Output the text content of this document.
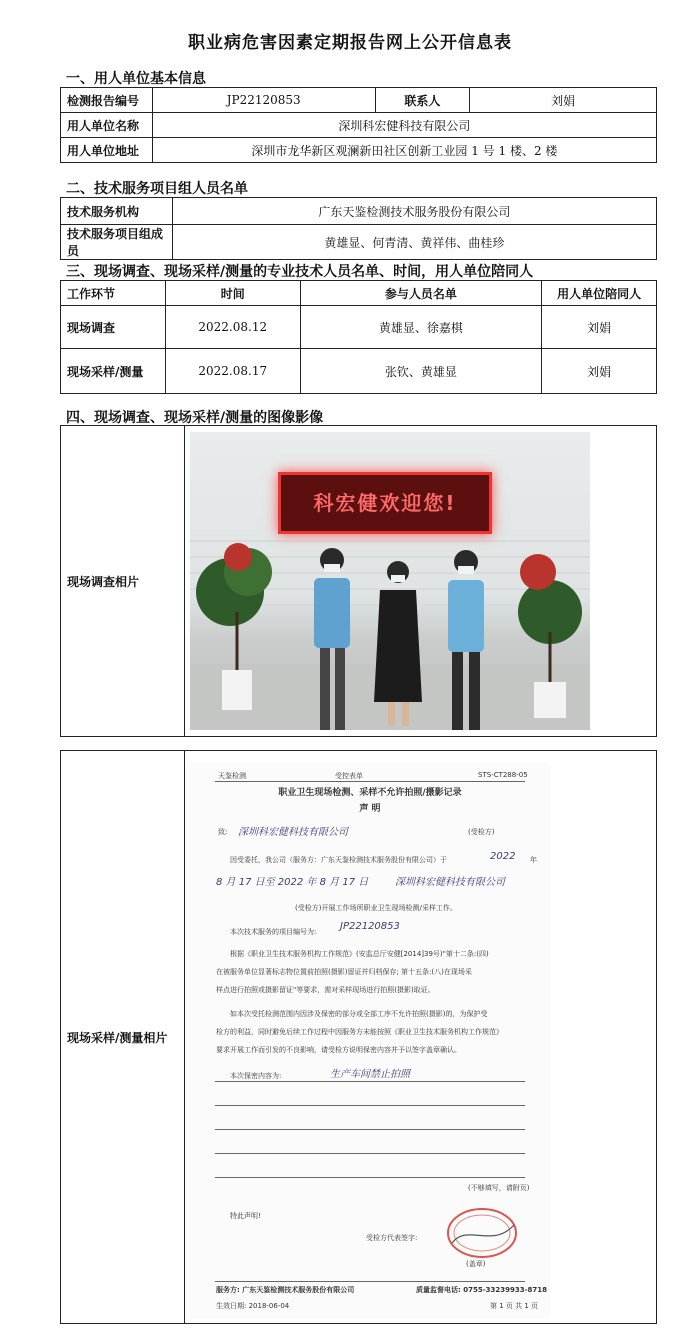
职业病危害因素定期报告网上公开信息表
一、用人单位基本信息
检测报告编号	JP22120853	联系人	刘娟
用人单位名称	深圳科宏健科技有限公司		
用人单位地址	深圳市龙华新区观澜新田社区创新工业园 1 号 1 楼、2 楼		
二、技术服务项目组人员名单
技术服务机构	广东天鉴检测技术服务股份有限公司
技术服务项目组成员	黄雄显、何青清、黄祥伟、曲桂珍
三、现场调查、现场采样/测量的专业技术人员名单、时间，用人单位陪同人
工作环节	时间	参与人员名单	用人单位陪同人
现场调查	2022.08.12	黄雄显、徐嘉棋	刘娟
现场采样/测量	2022.08.17	张钦、黄雄显	刘娟
四、现场调查、现场采样/测量的图像影像
现场调查相片	
现场采样/测量相片	
科宏健欢迎您!
天鉴检测	受控表单	STS-CT288-05
职业卫生现场检测、采样不允许拍照/摄影记录
声 明
致: 深圳科宏健科技有限公司	(受检方)
因受委托，我公司（服务方：广东天鉴检测技术服务股份有限公司）于	2022 年
8 月 17 日至 2022 年 8 月 17 日	深圳科宏健科技有限公司
(受检方)开展工作场所职业卫生现场检测/采样工作。
本次技术服务的项目编号为: JP22120853
根据《职业卫生技术服务机构工作规范》(安监总厅安健[2014]39号)"第十二条:(四)
在被服务单位显著标志物位置前拍照(摄影)留证并归档保存; 第十五条:(八)在现场采
样点进行拍照或摄影留证"等要求，需对采样现场进行拍照(摄影)取证。
如本次受托检测范围内因涉及保密的部分或全部工序不允许拍照(摄影)的，为保护受
检方的利益，同时避免后续工作过程中因服务方未能按照《职业卫生技术服务机构工作规范》
要求开展工作而引发的不良影响，请受检方说明保密内容并予以签字盖章确认。
本次保密内容为:	生产车间禁止拍照
(不够填写，请附页)
特此声明!
受检方代表签字:
(盖章)
服务方: 广东天鉴检测技术服务股份有限公司	质量监督电话: 0755-33239933-8718
生效日期: 2018-06-04	第 1 页 共 1 页
